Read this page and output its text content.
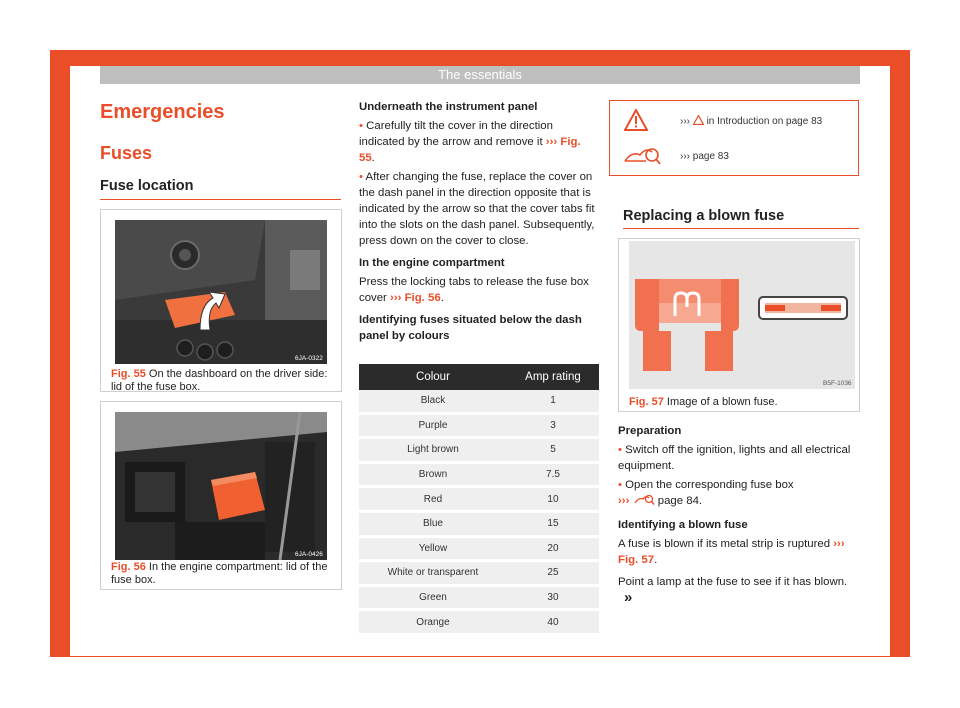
The essentials
Emergencies
Fuses
Fuse location
6JA-0322
Fig. 55 On the dashboard on the driver side: lid of the fuse box.
6JA-0426
Fig. 56 In the engine compartment: lid of the fuse box.

Underneath the instrument panel

• Carefully tilt the cover in the direction indicated by the arrow and remove it ››› Fig. 55.

• After changing the fuse, replace the cover on the dash panel in the direction opposite that is indicated by the arrow so that the cover tabs fit into the slots on the dash panel. Subsequently, press down on the cover to close.

In the engine compartment

Press the locking tabs to release the fuse box cover ››› Fig. 56.

Identifying fuses situated below the dash panel by colours

Colour	Amp rating
Black	1
Purple	3
Light brown	5
Brown	7.5
Red	10
Blue	15
Yellow	20
White or transparent	25
Green	30
Orange	40
››› in Introduction on page 83
››› page 83
Replacing a blown fuse
B5F-1036
Fig. 57 Image of a blown fuse.

Preparation

• Switch off the ignition, lights and all electrical equipment.

• Open the corresponding fuse box
››› page 84.

Identifying a blown fuse

A fuse is blown if its metal strip is ruptured ››› Fig. 57.

Point a lamp at the fuse to see if it has blown. »

45
